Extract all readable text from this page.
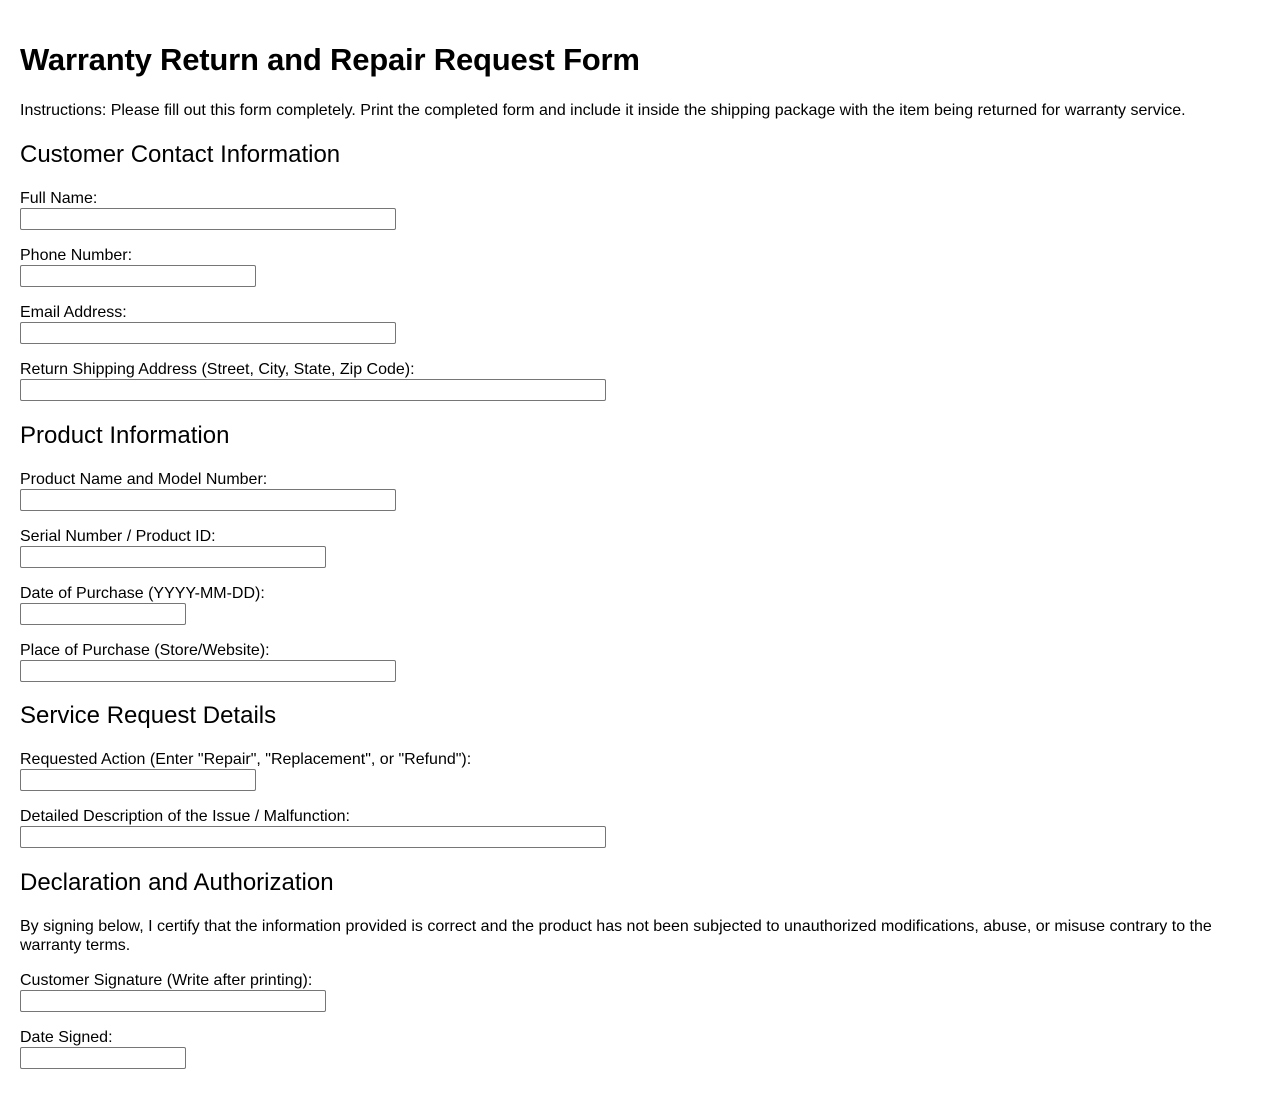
Warranty Return and Repair Request Form

Instructions: Please fill out this form completely. Print the completed form and include it inside the shipping package with the item being returned for warranty service.

Customer Contact Information
Full Name:
Phone Number:
Email Address:
Return Shipping Address (Street, City, State, Zip Code):
Product Information
Product Name and Model Number:
Serial Number / Product ID:
Date of Purchase (YYYY-MM-DD):
Place of Purchase (Store/Website):
Service Request Details
Requested Action (Enter "Repair", "Replacement", or "Refund"):
Detailed Description of the Issue / Malfunction:
Declaration and Authorization

By signing below, I certify that the information provided is correct and the product has not been subjected to unauthorized modifications, abuse, or misuse contrary to the warranty terms.

Customer Signature (Write after printing):
Date Signed:
